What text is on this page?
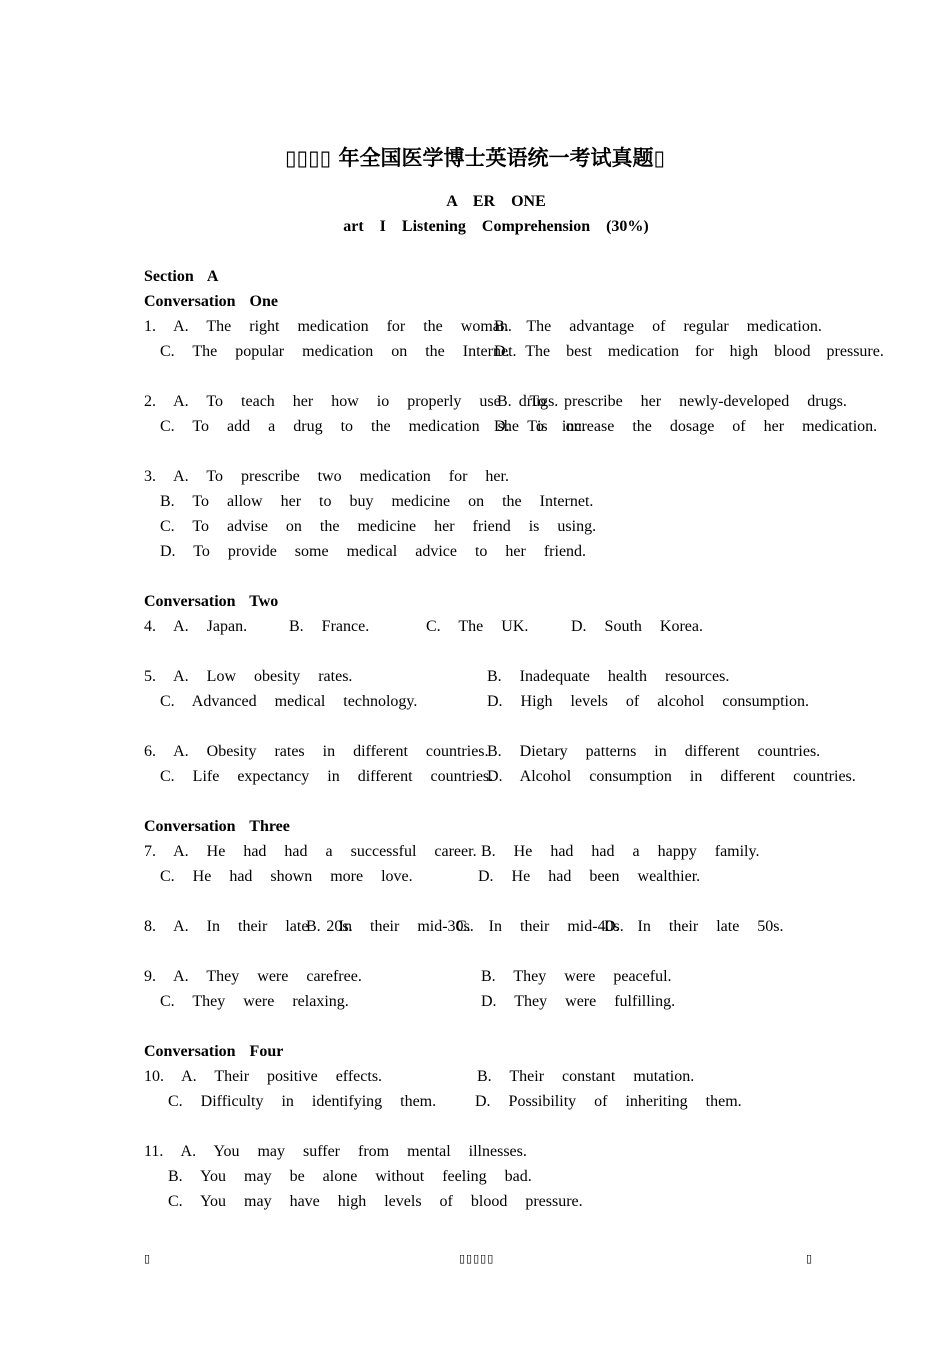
▯▯▯▯ 年全国医学博士英语统一考试真题▯
A ER ONE
art I Listening Comprehension (30%)
Section A
Conversation One
1. A. The right medication for the woman.
B. The advantage of regular medication.
C. The popular medication on the Internet.
D. The best medication for high blood pressure.
2. A. To teach her how io properly use drugs.
B. To prescribe her newly-developed drugs.
C. To add a drug to the medication she is on.
D. To increase the dosage of her medication.
3. A. To prescribe two medication for her.
B. To allow her to buy medicine on the Internet.
C. To advise on the medicine her friend is using.
D. To provide some medical advice to her friend.
Conversation Two
4. A. Japan.	B. France.	C. The UK.	D. South Korea.
5. A. Low obesity rates.	B. Inadequate health resources.
C. Advanced medical technology.	D. High levels of alcohol consumption.
6. A. Obesity rates in different countries.
B. Dietary patterns in different countries.
C. Life expectancy in different countries.
D. Alcohol consumption in different countries.
Conversation Three
7. A. He had had a successful career. B. He had had a happy family.
C. He had shown more love.	D. He had been wealthier.
8. A. In their late 20s.
B. In their mid-30s.
C. In their mid-40s.
D. In their late 50s.
9. A. They were carefree.	B. They were peaceful.
C. They were relaxing.	D. They were fulfilling.
Conversation Four
10. A. Their positive effects.	B. Their constant mutation.
C. Difficulty in identifying them. D. Possibility of inheriting them.
11. A. You may suffer from mental illnesses.
B. You may be alone without feeling bad.
C. You may have high levels of blood pressure.
▯	▯▯▯▯▯	▯
